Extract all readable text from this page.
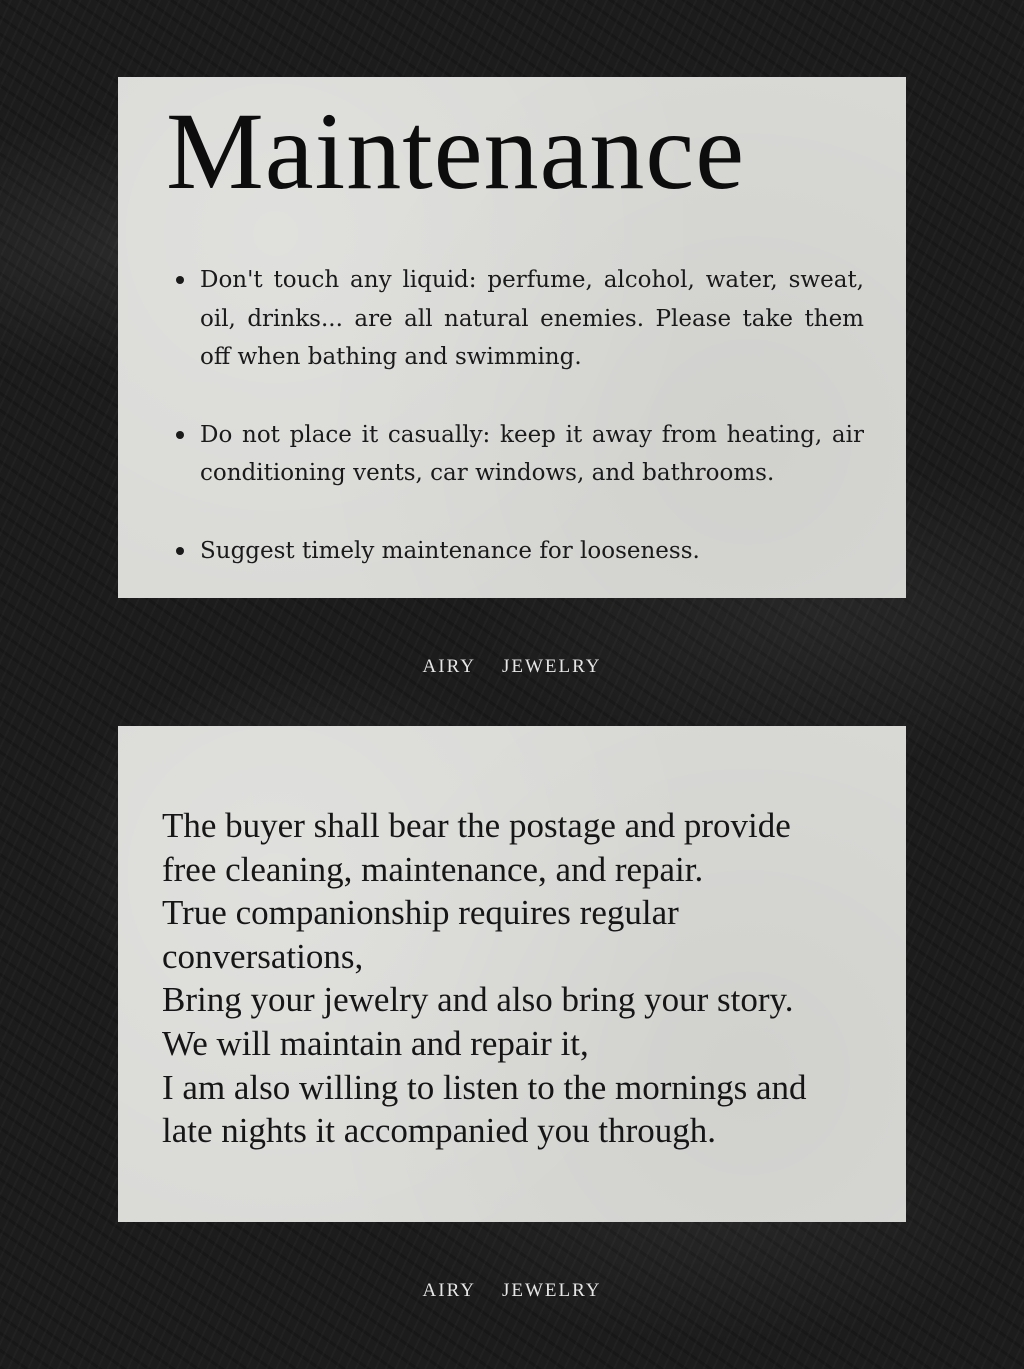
Maintenance
Don't touch any liquid: perfume, alcohol, water, sweat, oil, drinks... are all natural enemies. Please take them off when bathing and swimming.
Do not place it casually: keep it away from heating, air conditioning vents, car windows, and bathrooms.
Suggest timely maintenance for looseness.
AIRY JEWELRY
The buyer shall bear the postage and provide
free cleaning, maintenance, and repair.
True companionship requires regular
conversations,
Bring your jewelry and also bring your story.
We will maintain and repair it,
I am also willing to listen to the mornings and
late nights it accompanied you through.
AIRY JEWELRY
